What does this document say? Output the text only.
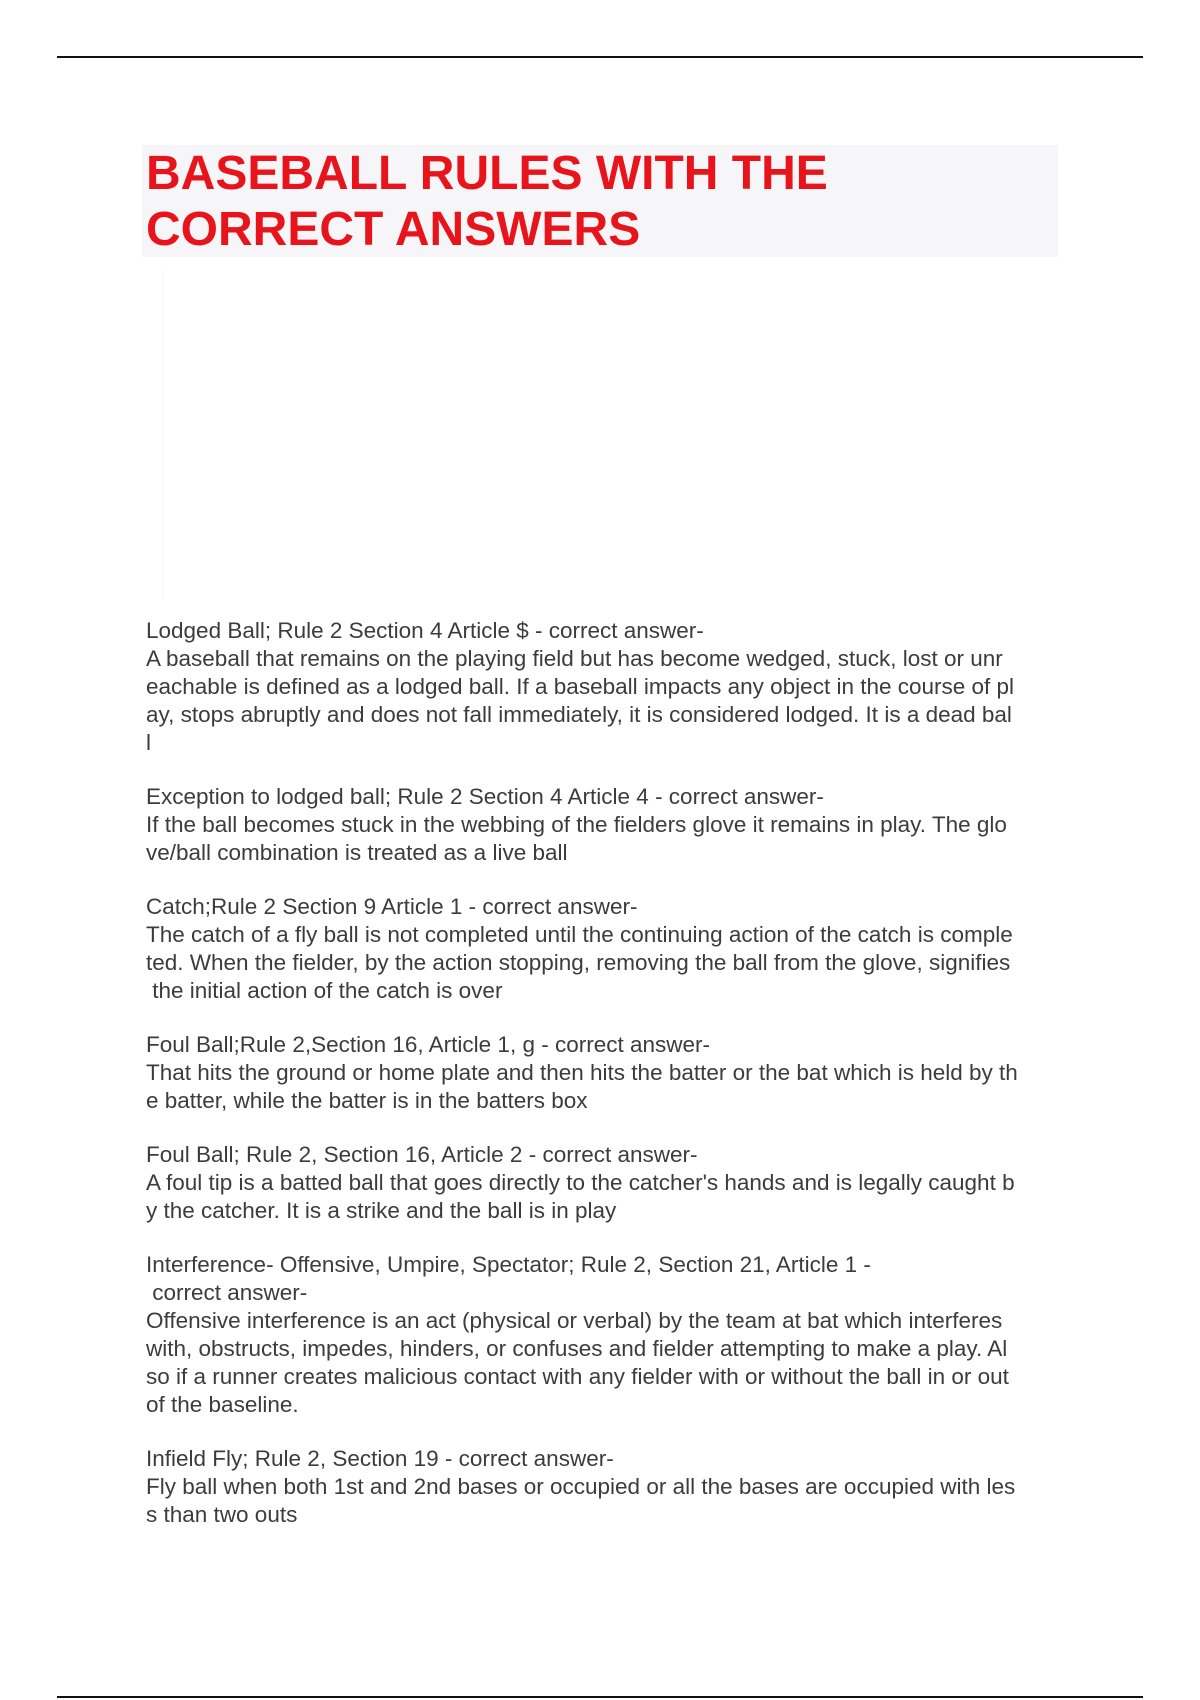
BASEBALL RULES WITH THE
CORRECT ANSWERS

Lodged Ball; Rule 2 Section 4 Article $ - correct answer-
A baseball that remains on the playing field but has become wedged, stuck, lost or unr
eachable is defined as a lodged ball. If a baseball impacts any object in the course of pl
ay, stops abruptly and does not fall immediately, it is considered lodged. It is a dead bal
l

Exception to lodged ball; Rule 2 Section 4 Article 4 - correct answer-
If the ball becomes stuck in the webbing of the fielders glove it remains in play. The glo
ve/ball combination is treated as a live ball

Catch;Rule 2 Section 9 Article 1 - correct answer-
The catch of a fly ball is not completed until the continuing action of the catch is comple
ted. When the fielder, by the action stopping, removing the ball from the glove, signifies
the initial action of the catch is over

Foul Ball;Rule 2,Section 16, Article 1, g - correct answer-
That hits the ground or home plate and then hits the batter or the bat which is held by th
e batter, while the batter is in the batters box

Foul Ball; Rule 2, Section 16, Article 2 - correct answer-
A foul tip is a batted ball that goes directly to the catcher's hands and is legally caught b
y the catcher. It is a strike and the ball is in play

Interference- Offensive, Umpire, Spectator; Rule 2, Section 21, Article 1 -
correct answer-
Offensive interference is an act (physical or verbal) by the team at bat which interferes
with, obstructs, impedes, hinders, or confuses and fielder attempting to make a play. Al
so if a runner creates malicious contact with any fielder with or without the ball in or out
of the baseline.

Infield Fly; Rule 2, Section 19 - correct answer-
Fly ball when both 1st and 2nd bases or occupied or all the bases are occupied with les
s than two outs
